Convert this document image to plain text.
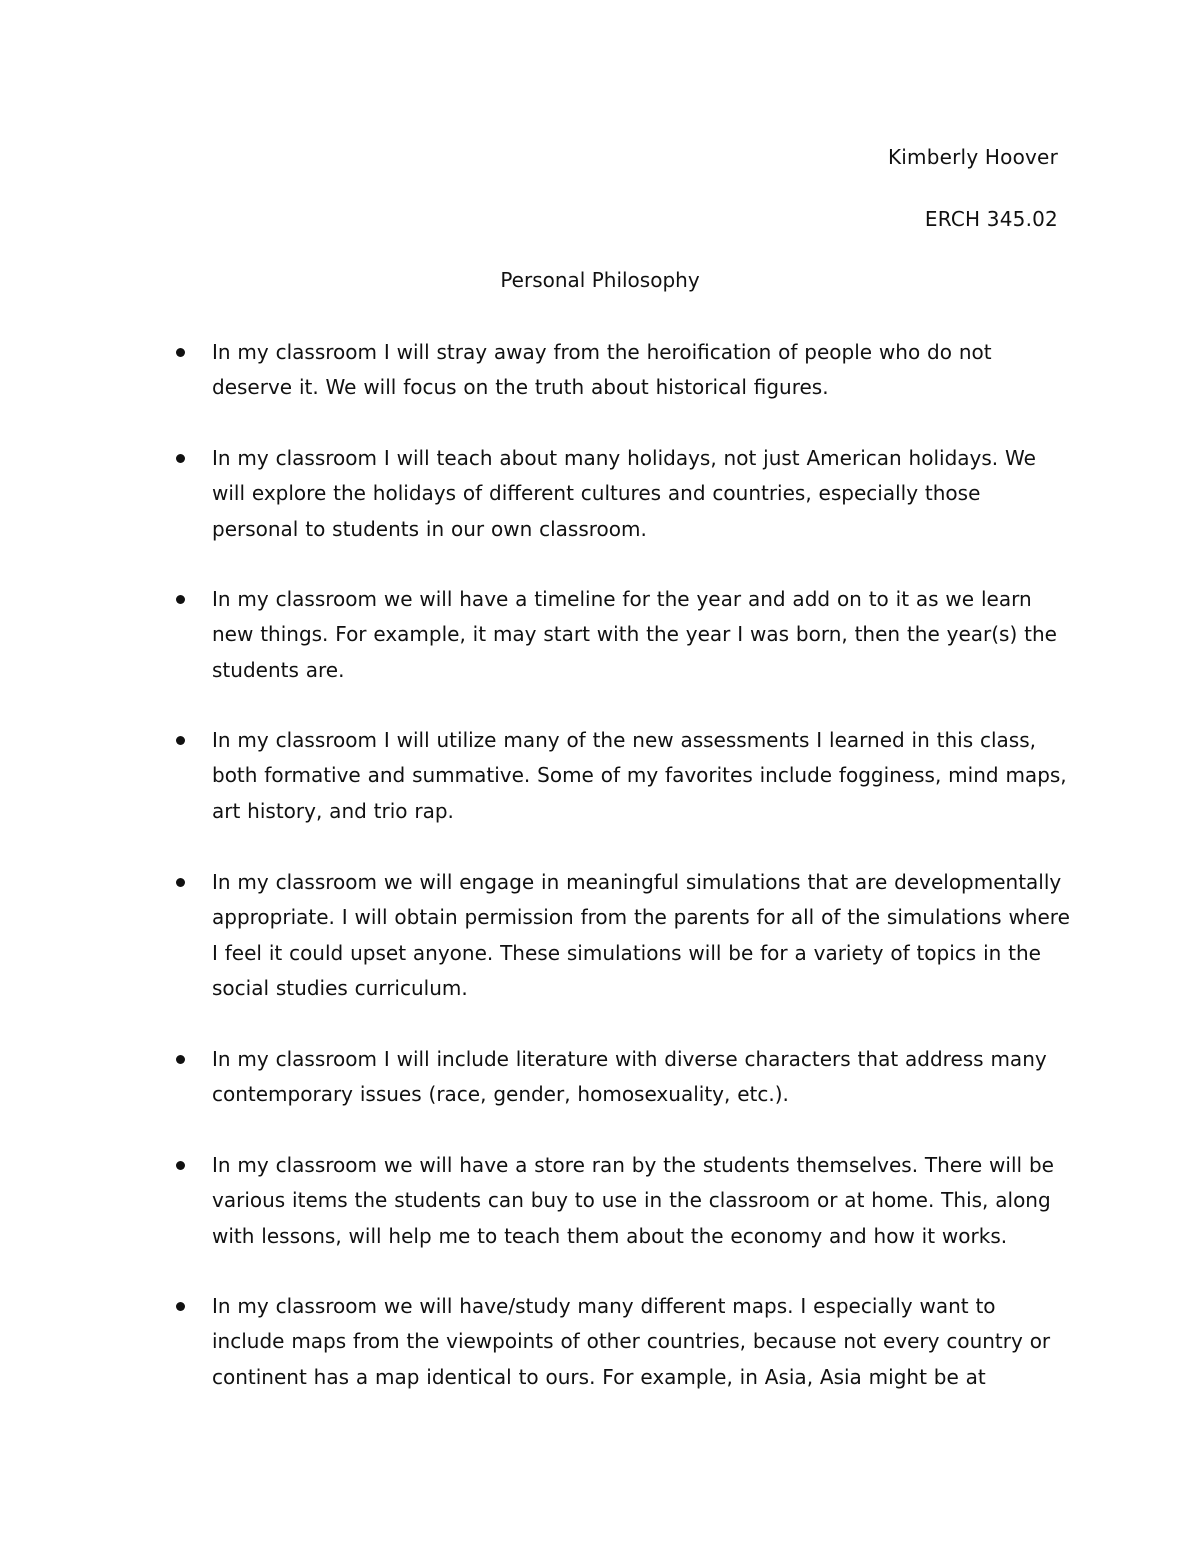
Kimberly Hoover
ERCH 345.02
Personal Philosophy
In my classroom I will stray away from the heroification of people who do not deserve it. We will focus on the truth about historical figures.
In my classroom I will teach about many holidays, not just American holidays. We will explore the holidays of different cultures and countries, especially those personal to students in our own classroom.
In my classroom we will have a timeline for the year and add on to it as we learn new things. For example, it may start with the year I was born, then the year(s) the students are.
In my classroom I will utilize many of the new assessments I learned in this class, both formative and summative. Some of my favorites include fogginess, mind maps, art history, and trio rap.
In my classroom we will engage in meaningful simulations that are developmentally appropriate. I will obtain permission from the parents for all of the simulations where I feel it could upset anyone. These simulations will be for a variety of topics in the social studies curriculum.
In my classroom I will include literature with diverse characters that address many contemporary issues (race, gender, homosexuality, etc.).
In my classroom we will have a store ran by the students themselves. There will be various items the students can buy to use in the classroom or at home. This, along with lessons, will help me to teach them about the economy and how it works.
In my classroom we will have/study many different maps. I especially want to include maps from the viewpoints of other countries, because not every country or continent has a map identical to ours. For example, in Asia, Asia might be at
